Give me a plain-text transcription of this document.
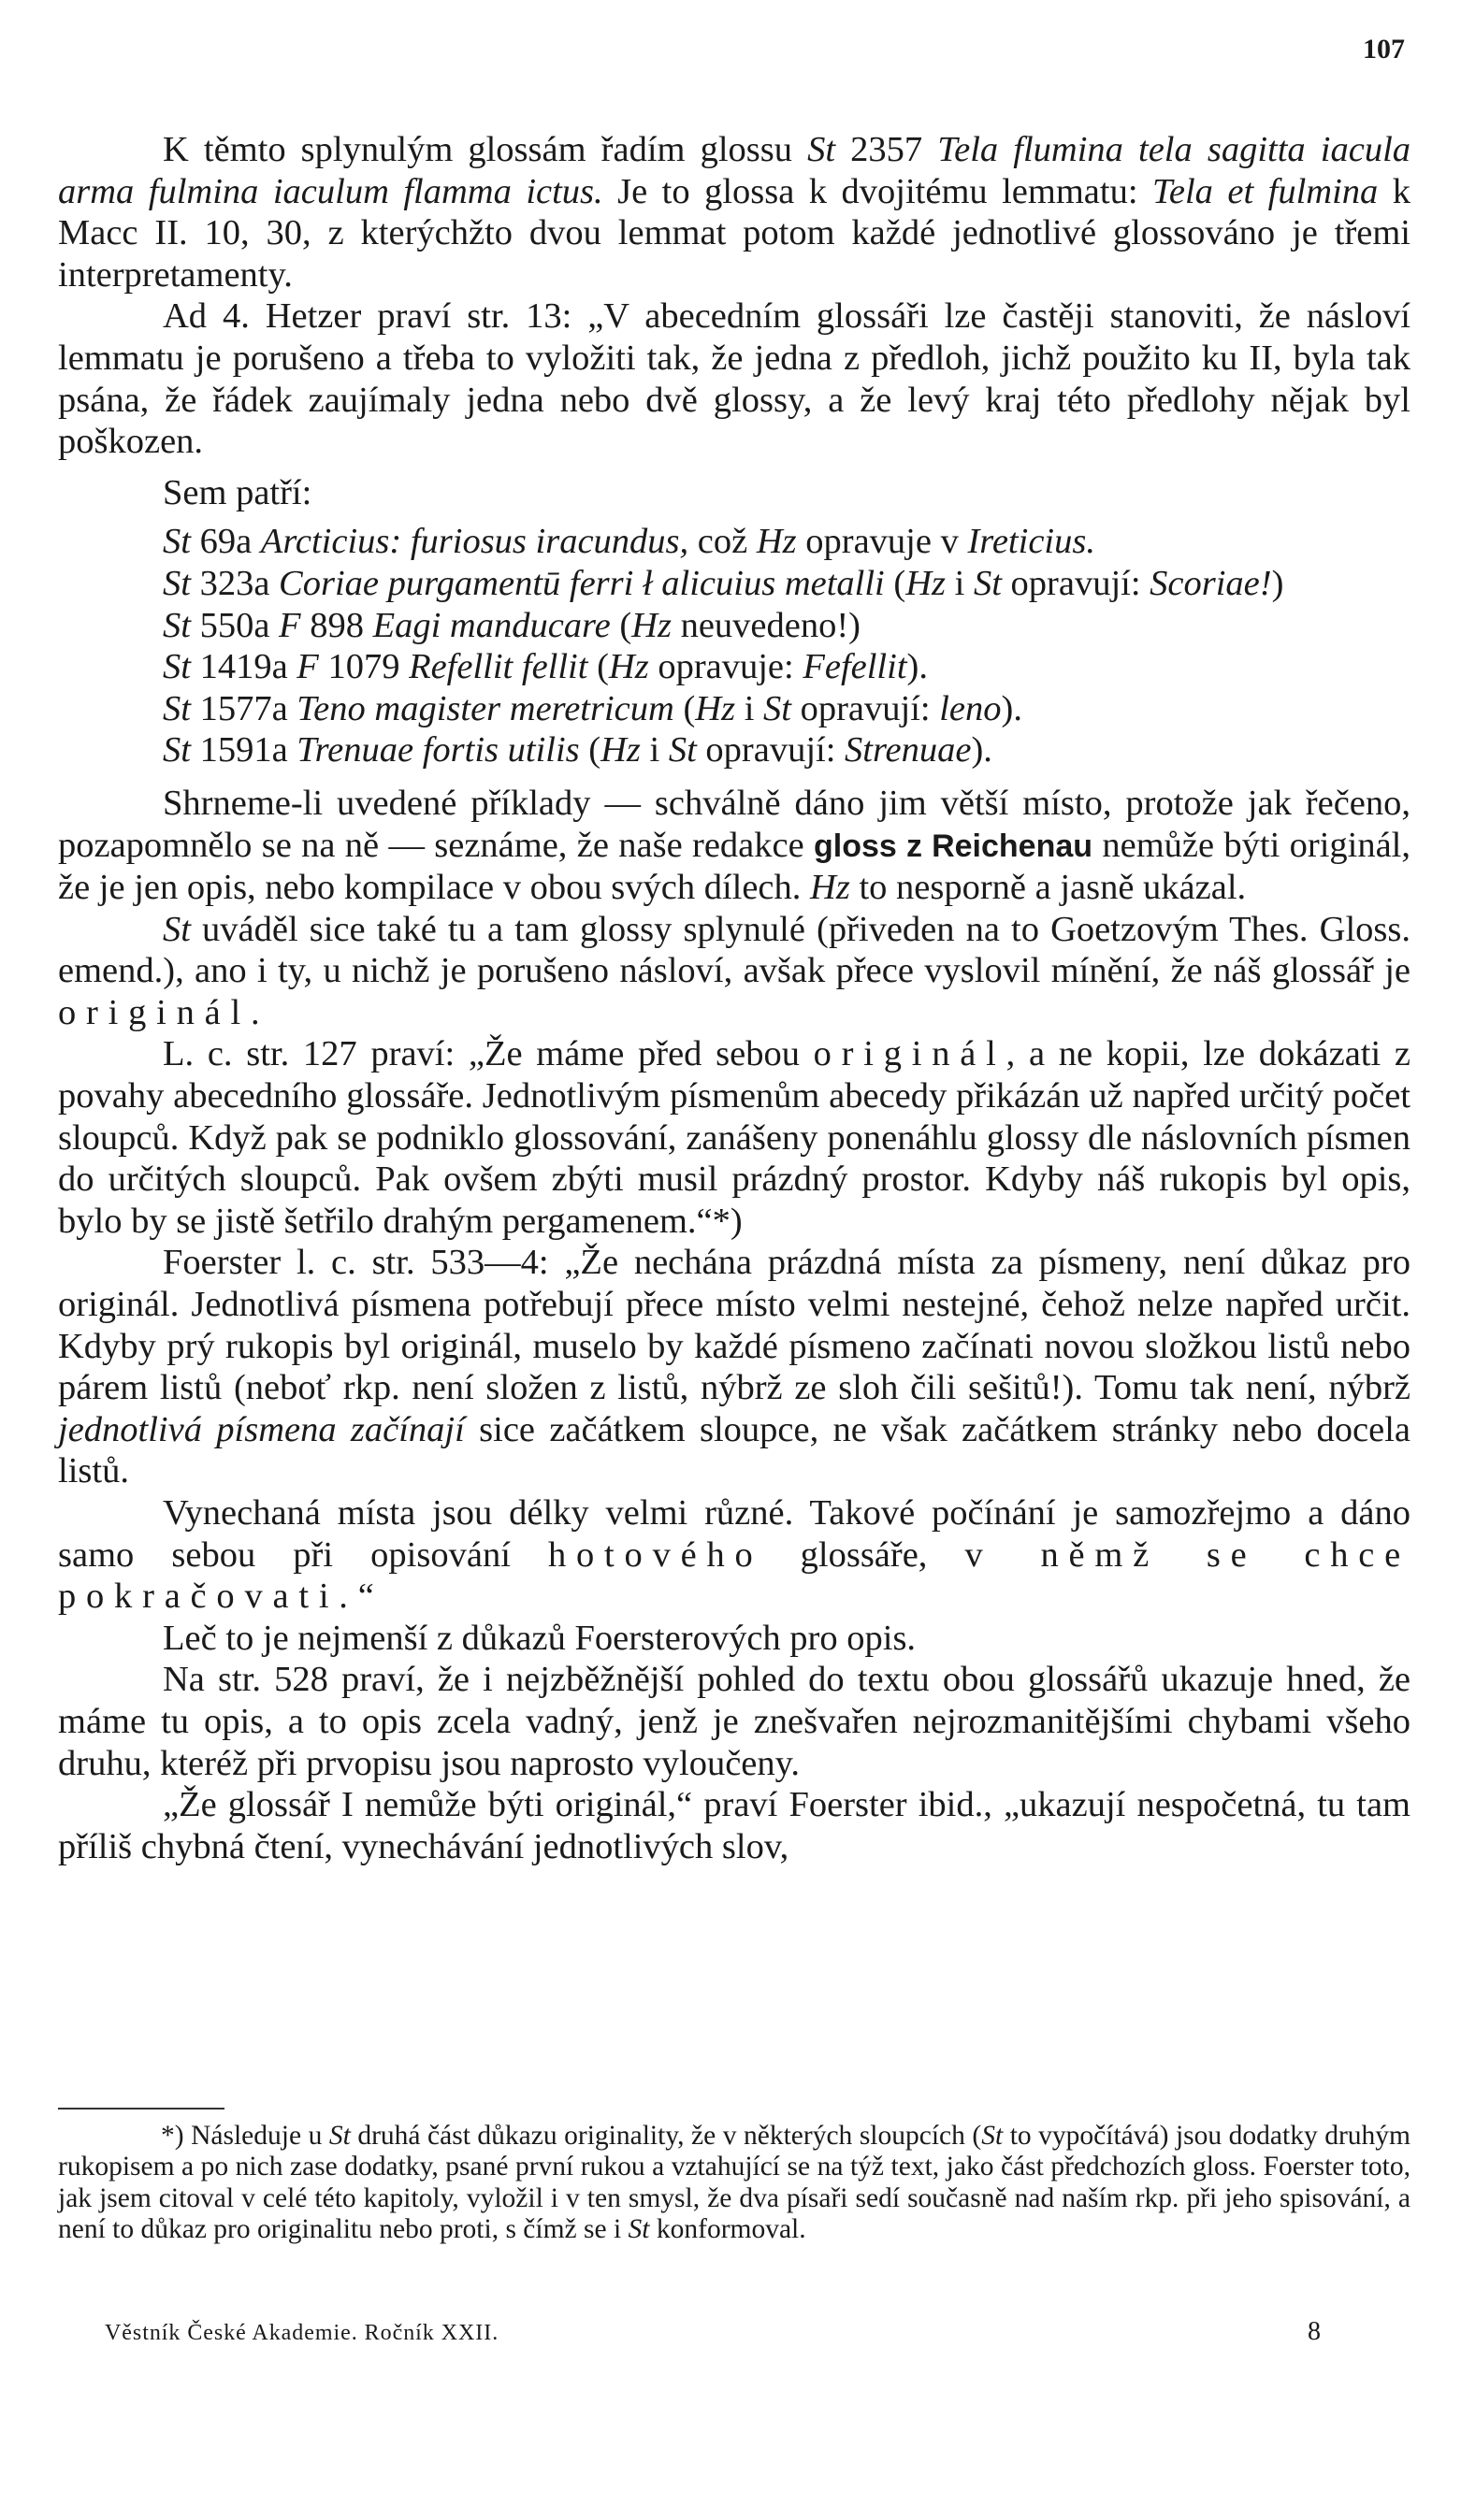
107

K těmto splynulým glossám řadím glossu St 2357 Tela flumina tela sagitta iacula arma fulmina iaculum flamma ictus. Je to glossa k dvojitému lemmatu: Tela et fulmina k Macc II. 10, 30, z kterýchžto dvou lemmat potom každé jednotlivé glossováno je třemi interpretamenty.

Ad 4. Hetzer praví str. 13: „V abecedním glossáři lze častěji stanoviti, že násloví lemmatu je porušeno a třeba to vyložiti tak, že jedna z předloh, jichž použito ku II, byla tak psána, že řádek zaujímaly jedna nebo dvě glossy, a že levý kraj této předlohy nějak byl poškozen.

Sem patří:

St 69a Arcticius: furiosus iracundus, což Hz opravuje v Ireticius.

St 323a Coriae purgamentū ferri ł alicuius metalli (Hz i St opravují: Scoriae!)

St 550a F 898 Eagi manducare (Hz neuvedeno!)

St 1419a F 1079 Refellit fellit (Hz opravuje: Fefellit).

St 1577a Teno magister meretricum (Hz i St opravují: leno).

St 1591a Trenuae fortis utilis (Hz i St opravují: Strenuae).

Shrneme-li uvedené příklady — schválně dáno jim větší místo, protože jak řečeno, pozapomnělo se na ně — seznáme, že naše redakce gloss z Reichenau nemůže býti originál, že je jen opis, nebo kompilace v obou svých dílech. Hz to nesporně a jasně ukázal.

St uváděl sice také tu a tam glossy splynulé (přiveden na to Goetzovým Thes. Gloss. emend.), ano i ty, u nichž je porušeno násloví, avšak přece vyslovil mínění, že náš glossář je originál.

L. c. str. 127 praví: „Že máme před sebou originál, a ne kopii, lze dokázati z povahy abecedního glossáře. Jednotlivým písmenům abecedy přikázán už napřed určitý počet sloupců. Když pak se podniklo glossování, zanášeny ponenáhlu glossy dle náslovních písmen do určitých sloupců. Pak ovšem zbýti musil prázdný prostor. Kdyby náš rukopis byl opis, bylo by se jistě šetřilo drahým pergamenem.“*)

Foerster l. c. str. 533—4: „Že nechána prázdná místa za písmeny, není důkaz pro originál. Jednotlivá písmena potřebují přece místo velmi nestejné, čehož nelze napřed určit. Kdyby prý rukopis byl originál, muselo by každé písmeno začínati novou složkou listů nebo párem listů (neboť rkp. není složen z listů, nýbrž ze sloh čili sešitů!). Tomu tak není, nýbrž jednotlivá písmena začínají sice začátkem sloupce, ne však začátkem stránky nebo docela listů.

Vynechaná místa jsou délky velmi různé. Takové počínání je samozřejmo a dáno samo sebou při opisování hotového glossáře, v němž se chce pokračovati.“

Leč to je nejmenší z důkazů Foersterových pro opis.

Na str. 528 praví, že i nejzběžnější pohled do textu obou glossářů ukazuje hned, že máme tu opis, a to opis zcela vadný, jenž je znešvařen nejrozmanitějšími chybami všeho druhu, kteréž při prvopisu jsou naprosto vyloučeny.

„Že glossář I nemůže býti originál,“ praví Foerster ibid., „ukazují nespočetná, tu tam příliš chybná čtení, vynechávání jednotlivých slov,

*) Následuje u St druhá část důkazu originality, že v některých sloupcích (St to vypočítává) jsou dodatky druhým rukopisem a po nich zase dodatky, psané první rukou a vztahující se na týž text, jako část předchozích gloss. Foerster toto, jak jsem citoval v celé této kapitoly, vyložil i v ten smysl, že dva písaři sedí současně nad naším rkp. při jeho spisování, a není to důkaz pro originalitu nebo proti, s čímž se i St konformoval.

Věstník České Akademie. Ročník XXII.	8
